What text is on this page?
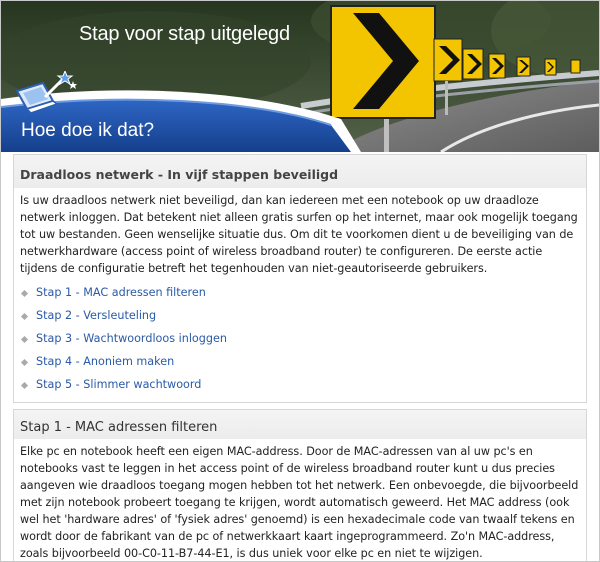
Stap voor stap uitgelegd
Hoe doe ik dat?
Draadloos netwerk - In vijf stappen beveiligd

Is uw draadloos netwerk niet beveiligd, dan kan iedereen met een notebook op uw draadloze netwerk inloggen. Dat betekent niet alleen gratis surfen op het internet, maar ook mogelijk toegang tot uw bestanden. Geen wenselijke situatie dus. Om dit te voorkomen dient u de beveiliging van de netwerkhardware (access point of wireless broadband router) te configureren. De eerste actie tijdens de configuratie betreft het tegenhouden van niet-geautoriseerde gebruikers.

Stap 1 - MAC adressen filteren
Stap 2 - Versleuteling
Stap 3 - Wachtwoordloos inloggen
Stap 4 - Anoniem maken
Stap 5 - Slimmer wachtwoord
Stap 1 - MAC adressen filteren

Elke pc en notebook heeft een eigen MAC-address. Door de MAC-adressen van al uw pc's en notebooks vast te leggen in het access point of de wireless broadband router kunt u dus precies aangeven wie draadloos toegang mogen hebben tot het netwerk. Een onbevoegde, die bijvoorbeeld met zijn notebook probeert toegang te krijgen, wordt automatisch geweerd. Het MAC address (ook wel het 'hardware adres' of 'fysiek adres' genoemd) is een hexadecimale code van twaalf tekens en wordt door de fabrikant van de pc of netwerkkaart kaart ingeprogrammeerd. Zo'n MAC-address, zoals bijvoorbeeld 00-C0-11-B7-44-E1, is dus uniek voor elke pc en niet te wijzigen.
